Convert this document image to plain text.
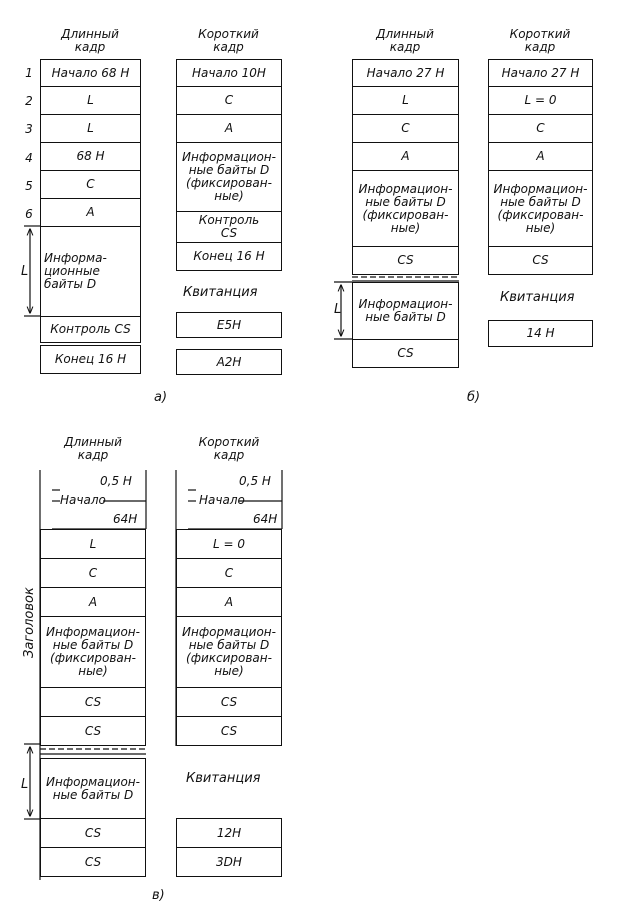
Длинный
кадр
Короткий
кадр
1
2
3
4
5
6
Начало 68 H
L
L
68 H
C
A
Информа-
ционные
байты D
Контроль CS
Конец 16 H
Начало 10H
C
A
Информацион-
ные байты D
(фиксирован-
ные)
Контроль
CS
Конец 16 H
Квитанция
E5H
A2H
L
а)
Длинный
кадр
Короткий
кадр
Начало 27 H
L
C
A
Информацион-
ные байты D
(фиксирован-
ные)
CS
Информацион-
ные байты D
CS
Начало 27 H
L = 0
C
A
Информацион-
ные байты D
(фиксирован-
ные)
CS
Квитанция
14 H
L
б)
Длинный
кадр
Короткий
кадр
Заголовок
0,5 H
Начало
64H
0,5 H
Начало
64H
L
C
A
Информацион-
ные байты D
(фиксирован-
ные)
CS
CS
Информацион-
ные байты D
CS
CS
L = 0
C
A
Информацион-
ные байты D
(фиксирован-
ные)
CS
CS
Квитанция
12H
3DH
L
в)
